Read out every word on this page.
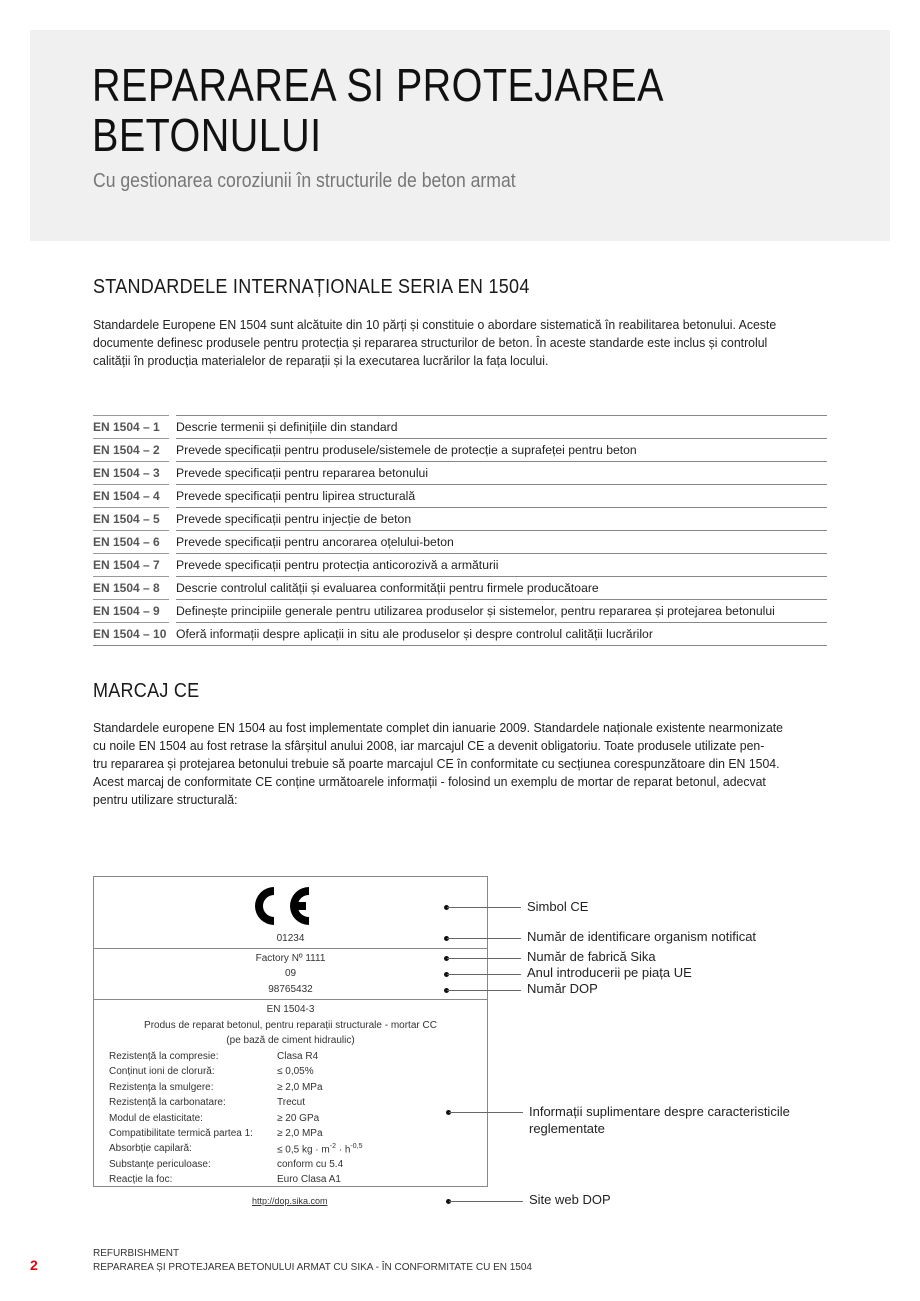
REPARAREA SI PROTEJAREA
BETONULUI
Cu gestionarea coroziunii în structurile de beton armat
STANDARDELE INTERNAȚIONALE SERIA EN 1504
Standardele Europene EN 1504 sunt alcătuite din 10 părți și constituie o abordare sistematică în reabilitarea betonului. Aceste
documente definesc produsele pentru protecția și repararea structurilor de beton. În aceste standarde este inclus și controlul
calității în producția materialelor de reparații și la executarea lucrărilor la fața locului.
EN 1504 – 1	Descrie termenii și definițiile din standard
EN 1504 – 2	Prevede specificații pentru produsele/sistemele de protecție a suprafeței pentru beton
EN 1504 – 3	Prevede specificații pentru repararea betonului
EN 1504 – 4	Prevede specificații pentru lipirea structurală
EN 1504 – 5	Prevede specificații pentru injecție de beton
EN 1504 – 6	Prevede specificații pentru ancorarea oțelului-beton
EN 1504 – 7	Prevede specificații pentru protecția anticorozivă a armăturii
EN 1504 – 8	Descrie controlul calității și evaluarea conformității pentru firmele producătoare
EN 1504 – 9	Definește principiile generale pentru utilizarea produselor și sistemelor, pentru repararea și protejarea betonului
EN 1504 – 10 Oferă informații despre aplicații in situ ale produselor și despre controlul calității lucrărilor
MARCAJ CE
Standardele europene EN 1504 au fost implementate complet din ianuarie 2009. Standardele naționale existente nearmonizate
cu noile EN 1504 au fost retrase la sfârșitul anului 2008, iar marcajul CE a devenit obligatoriu. Toate produsele utilizate pen-
tru repararea și protejarea betonului trebuie să poarte marcajul CE în conformitate cu secțiunea corespunzătoare din EN 1504.
Acest marcaj de conformitate CE conține următoarele informații - folosind un exemplu de mortar de reparat betonul, adecvat
pentru utilizare structurală:
01234
Factory Nº 1111
09
98765432
EN 1504-3
Produs de reparat betonul, pentru reparații structurale - mortar CC
(pe bază de ciment hidraulic)
Rezistență la compresie:	Clasa R4
Conținut ioni de clorură:	≤ 0,05%
Rezistența la smulgere:	≥ 2,0 MPa
Rezistență la carbonatare:	Trecut
Modul de elasticitate:	≥ 20 GPa
Compatibilitate termică partea 1: ≥ 2,0 MPa
Absorbție capilară:	≤ 0,5 kg · $m^{-2} \cdot h^{-0,5}$
Substanțe periculoase:	conform cu 5.4
Reacție la foc:	Euro Clasa A1
http://dop.sika.com
Simbol CE
Număr de identificare organism notificat
Număr de fabrică Sika
Anul introducerii pe piața UE
Număr DOP
Informații suplimentare despre caracteristicile
reglementate
Site web DOP
2
REFURBISHMENT
REPARAREA ȘI PROTEJAREA BETONULUI ARMAT CU SIKA - ÎN CONFORMITATE CU EN 1504
